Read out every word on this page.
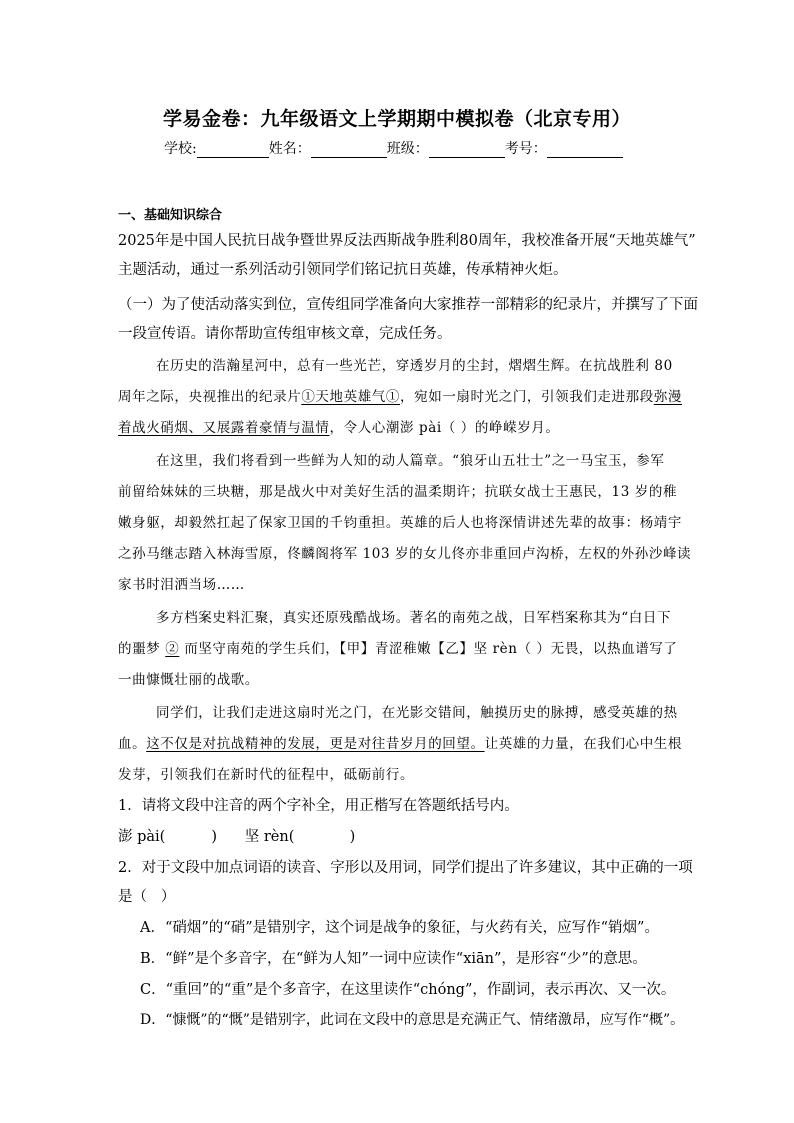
学易金卷：九年级语文上学期期中模拟卷（北京专用）
学校:	姓名：	班级：	考号：
一、基础知识综合
2025年是中国人民抗日战争暨世界反法西斯战争胜利80周年，我校准备开展“天地英雄气”
主题活动，通过一系列活动引领同学们铭记抗日英雄，传承精神火炬。
（一）为了使活动落实到位，宣传组同学准备向大家推荐一部精彩的纪录片，并撰写了下面
一段宣传语。请你帮助宣传组审核文章，完成任务。
在历史的浩瀚星河中，总有一些光芒，穿透岁月的尘封，熠熠生辉。在抗战胜利 80
周年之际，央视推出的纪录片①天地英雄气①，宛如一扇时光之门，引领我们走进那段弥漫
着战火硝烟、又展露着豪情与温情，令人心潮澎 pài（ ）的峥嵘岁月。
在这里，我们将看到一些鲜为人知的动人篇章。“狼牙山五壮士”之一马宝玉，参军
前留给妹妹的三块糖，那是战火中对美好生活的温柔期许；抗联女战士王惠民，13 岁的稚
嫩身躯，却毅然扛起了保家卫国的千钧重担。英雄的后人也将深情讲述先辈的故事：杨靖宇
之孙马继志踏入林海雪原，佟麟阁将军 103 岁的女儿佟亦非重回卢沟桥，左权的外孙沙峰读
家书时泪洒当场……
多方档案史料汇聚，真实还原残酷战场。著名的南苑之战，日军档案称其为“白日下
的噩梦 ② 而坚守南苑的学生兵们，【甲】青涩稚嫩【乙】坚 rèn（ ）无畏，以热血谱写了
一曲慷慨壮丽的战歌。
同学们，让我们走进这扇时光之门，在光影交错间，触摸历史的脉搏，感受英雄的热
血。这不仅是对抗战精神的发展，更是对往昔岁月的回望。让英雄的力量，在我们心中生根
发芽，引领我们在新时代的征程中，砥砺前行。
1．请将文段中注音的两个字补全，用正楷写在答题纸括号内。
澎 pài(          )      坚 rèn(            )
2．对于文段中加点词语的读音、字形以及用词，同学们提出了许多建议，其中正确的一项
是（   ）
A．“硝烟”的“硝”是错别字，这个词是战争的象征，与火药有关，应写作“销烟”。
B．“鲜”是个多音字，在“鲜为人知”一词中应读作“xiān”，是形容“少”的意思。
C．“重回”的“重”是个多音字，在这里读作“chóng”，作副词，表示再次、又一次。
D．“慷慨”的“慨”是错别字，此词在文段中的意思是充满正气、情绪激昂，应写作“概”。
